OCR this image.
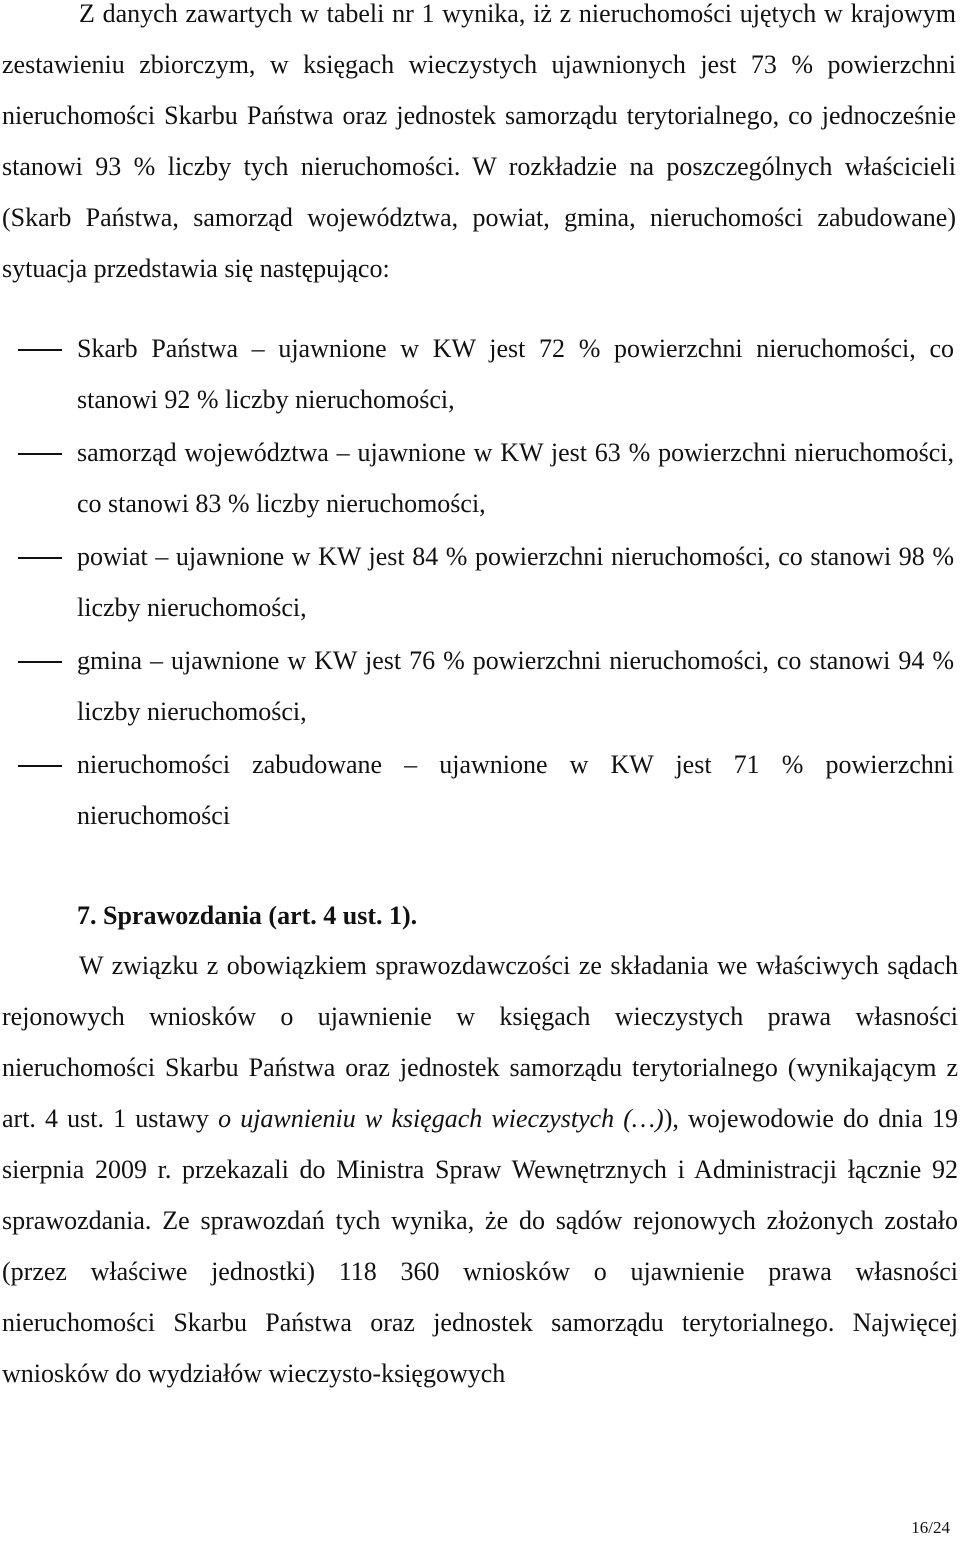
Z danych zawartych w tabeli nr 1 wynika, iż z nieruchomości ujętych w krajowym zestawieniu zbiorczym, w księgach wieczystych ujawnionych jest 73 % powierzchni nieruchomości Skarbu Państwa oraz jednostek samorządu terytorialnego, co jednocześnie stanowi 93 % liczby tych nieruchomości. W rozkładzie na poszczególnych właścicieli (Skarb Państwa, samorząd województwa, powiat, gmina, nieruchomości zabudowane) sytuacja przedstawia się następująco:

Skarb Państwa – ujawnione w KW jest 72 % powierzchni nieruchomości, co stanowi 92 % liczby nieruchomości,
samorząd województwa – ujawnione w KW jest 63 % powierzchni nieruchomości, co stanowi 83 % liczby nieruchomości,
powiat – ujawnione w KW jest 84 % powierzchni nieruchomości, co stanowi 98 % liczby nieruchomości,
gmina – ujawnione w KW jest 76 % powierzchni nieruchomości, co stanowi 94 % liczby nieruchomości,
nieruchomości zabudowane – ujawnione w KW jest 71 % powierzchni nieruchomości
7. Sprawozdania (art. 4 ust. 1).

W związku z obowiązkiem sprawozdawczości ze składania we właściwych sądach rejonowych wniosków o ujawnienie w księgach wieczystych prawa własności nieruchomości Skarbu Państwa oraz jednostek samorządu terytorialnego (wynikającym z art. 4 ust. 1 ustawy o ujawnieniu w księgach wieczystych (…)), wojewodowie do dnia 19 sierpnia 2009 r. przekazali do Ministra Spraw Wewnętrznych i Administracji łącznie 92 sprawozdania. Ze sprawozdań tych wynika, że do sądów rejonowych złożonych zostało (przez właściwe jednostki) 118 360 wniosków o ujawnienie prawa własności nieruchomości Skarbu Państwa oraz jednostek samorządu terytorialnego. Najwięcej wniosków do wydziałów wieczysto-księgowych

16/24
